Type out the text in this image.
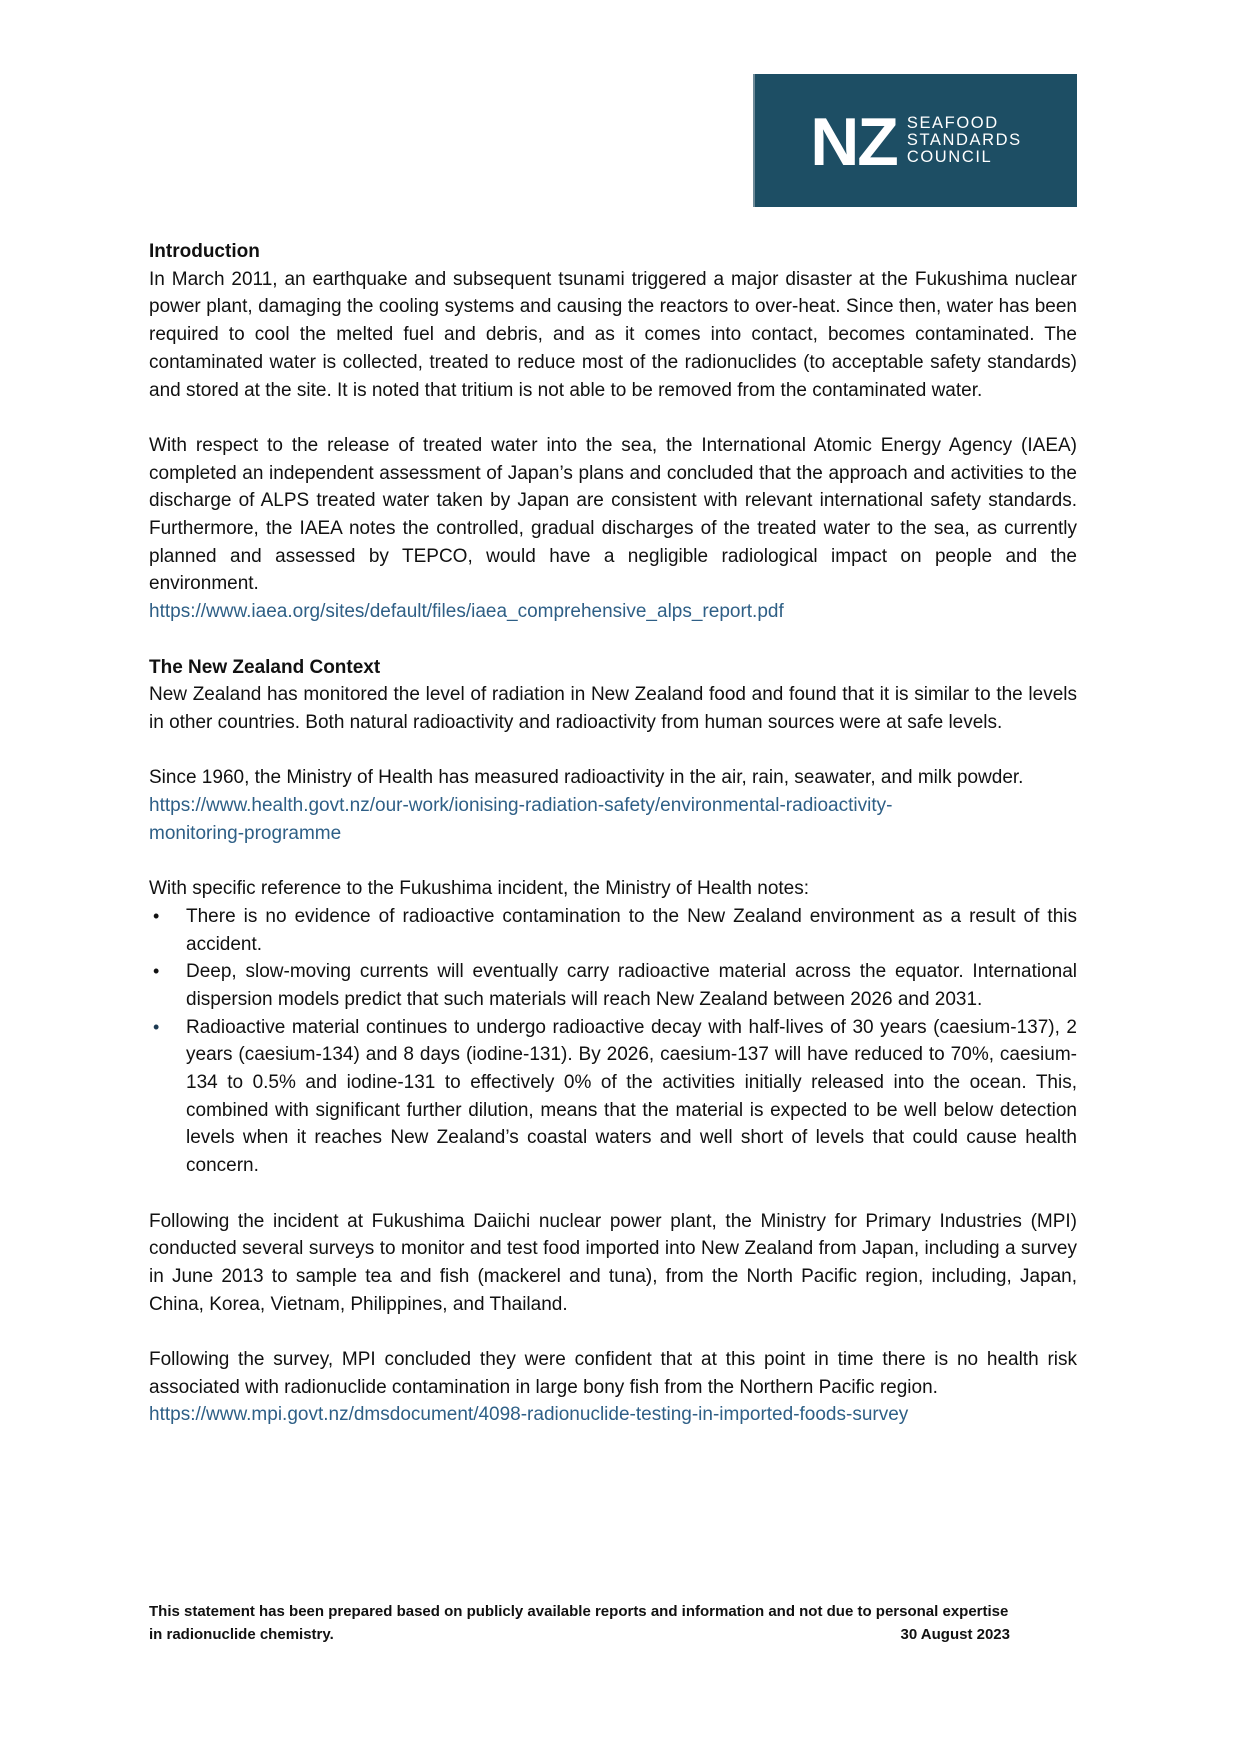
NZ SEAFOOD
STANDARDS
COUNCIL
Introduction

In March 2011, an earthquake and subsequent tsunami triggered a major disaster at the Fukushima nuclear power plant, damaging the cooling systems and causing the reactors to over-heat. Since then, water has been required to cool the melted fuel and debris, and as it comes into contact, becomes contaminated. The contaminated water is collected, treated to reduce most of the radionuclides (to acceptable safety standards) and stored at the site. It is noted that tritium is not able to be removed from the contaminated water.

With respect to the release of treated water into the sea, the International Atomic Energy Agency (IAEA) completed an independent assessment of Japan’s plans and concluded that the approach and activities to the discharge of ALPS treated water taken by Japan are consistent with relevant international safety standards. Furthermore, the IAEA notes the controlled, gradual discharges of the treated water to the sea, as currently planned and assessed by TEPCO, would have a negligible radiological impact on people and the environment.

https://www.iaea.org/sites/default/files/iaea_comprehensive_alps_report.pdf
The New Zealand Context

New Zealand has monitored the level of radiation in New Zealand food and found that it is similar to the levels in other countries. Both natural radioactivity and radioactivity from human sources were at safe levels.

Since 1960, the Ministry of Health has measured radioactivity in the air, rain, seawater, and milk powder.

https://www.health.govt.nz/our-work/ionising-radiation-safety/environmental-radioactivity-
monitoring-programme

With specific reference to the Fukushima incident, the Ministry of Health notes:

• There is no evidence of radioactive contamination to the New Zealand environment as a result of this accident.
• Deep, slow-moving currents will eventually carry radioactive material across the equator. International dispersion models predict that such materials will reach New Zealand between 2026 and 2031.
• Radioactive material continues to undergo radioactive decay with half-lives of 30 years (caesium-137), 2 years (caesium-134) and 8 days (iodine-131). By 2026, caesium-137 will have reduced to 70%, caesium-134 to 0.5% and iodine-131 to effectively 0% of the activities initially released into the ocean. This, combined with significant further dilution, means that the material is expected to be well below detection levels when it reaches New Zealand’s coastal waters and well short of levels that could cause health concern.

Following the incident at Fukushima Daiichi nuclear power plant, the Ministry for Primary Industries (MPI) conducted several surveys to monitor and test food imported into New Zealand from Japan, including a survey in June 2013 to sample tea and fish (mackerel and tuna), from the North Pacific region, including, Japan, China, Korea, Vietnam, Philippines, and Thailand.

Following the survey, MPI concluded they were confident that at this point in time there is no health risk associated with radionuclide contamination in large bony fish from the Northern Pacific region.

https://www.mpi.govt.nz/dmsdocument/4098-radionuclide-testing-in-imported-foods-survey
This statement has been prepared based on publicly available reports and information and not due to personal expertise
in radionuclide chemistry.	30 August 2023
